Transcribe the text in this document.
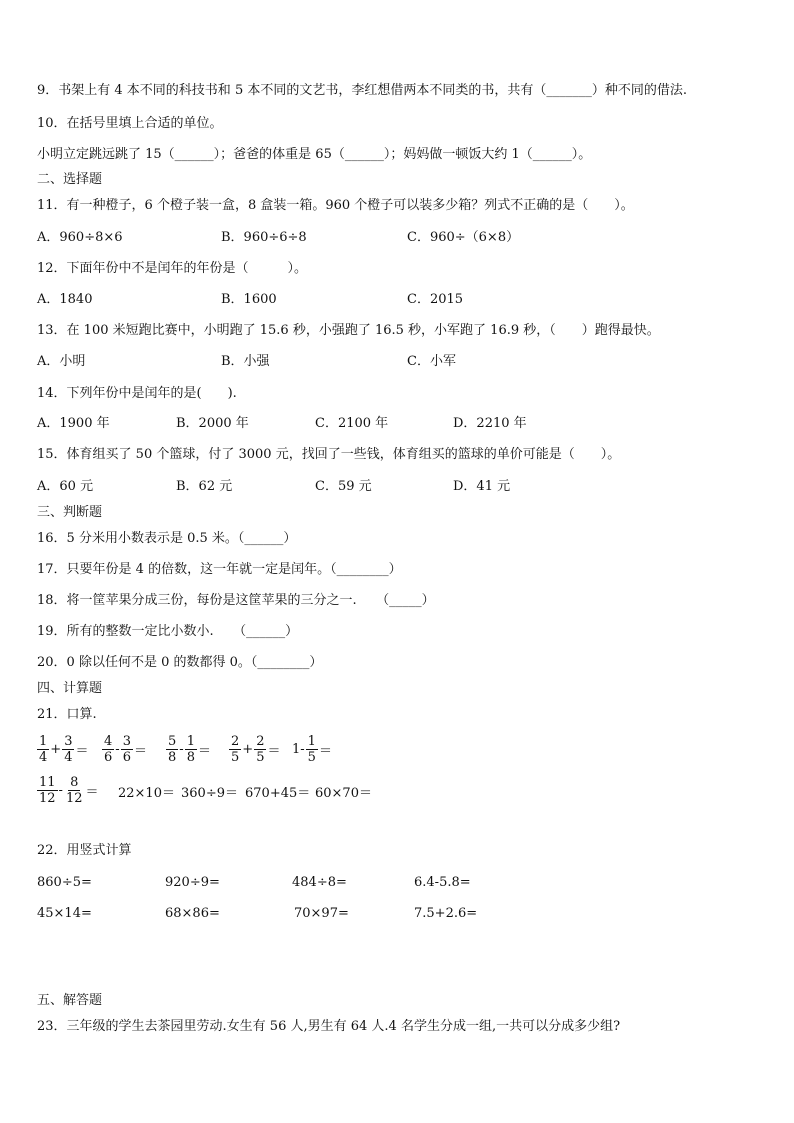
9．书架上有 4 本不同的科技书和 5 本不同的文艺书，李红想借两本不同类的书，共有（_______）种不同的借法.
10．在括号里填上合适的单位。
小明立定跳远跳了 15（______）；爸爸的体重是 65（______）；妈妈做一顿饭大约 1（______）。
二、选择题
11．有一种橙子，6 个橙子装一盒，8 盒装一箱。960 个橙子可以装多少箱？列式不正确的是（　　）。
A．960÷8×6	B．960÷6÷8	C．960÷（6×8）
12．下面年份中不是闰年的年份是（　　　）。
A．1840	B．1600	C．2015
13．在 100 米短跑比赛中，小明跑了 15.6 秒，小强跑了 16.5 秒，小军跑了 16.9 秒，（　　）跑得最快。
A．小明	B．小强	C．小军
14．下列年份中是闰年的是(　　).
A．1900 年	B．2000 年	C．2100 年	D．2210 年
15．体育组买了 50 个篮球，付了 3000 元，找回了一些钱，体育组买的篮球的单价可能是（　　）。
A．60 元	B．62 元	C．59 元	D．41 元
三、判断题
16．5 分米用小数表示是 0.5 米。（______）
17．只要年份是 4 的倍数，这一年就一定是闰年。（________）
18．将一筐苹果分成三份，每份是这筐苹果的三分之一.　　（_____）
19．所有的整数一定比小数小.　　（______）
20．0 除以任何不是 0 的数都得 0。（________）
四、计算题
21．口算.
$\frac{1}{4} + \frac{3}{4} = \frac{4}{6} - \frac{3}{6} = \frac{5}{8} - \frac{1}{8} = \frac{2}{5} + \frac{2}{5} = 1- \frac{1}{5}$ ＝
$\frac{11}{12} - \frac{8}{12} = 22\times 10= 360\div 9= 670+45= 60\times 70=$
22．用竖式计算
860÷5=	920÷9=	484÷8=	6.4-5.8=
45×14=	68×86=	70×97=	7.5+2.6=
五、解答题
23．三年级的学生去茶园里劳动.女生有 56 人,男生有 64 人.4 名学生分成一组,一共可以分成多少组?
